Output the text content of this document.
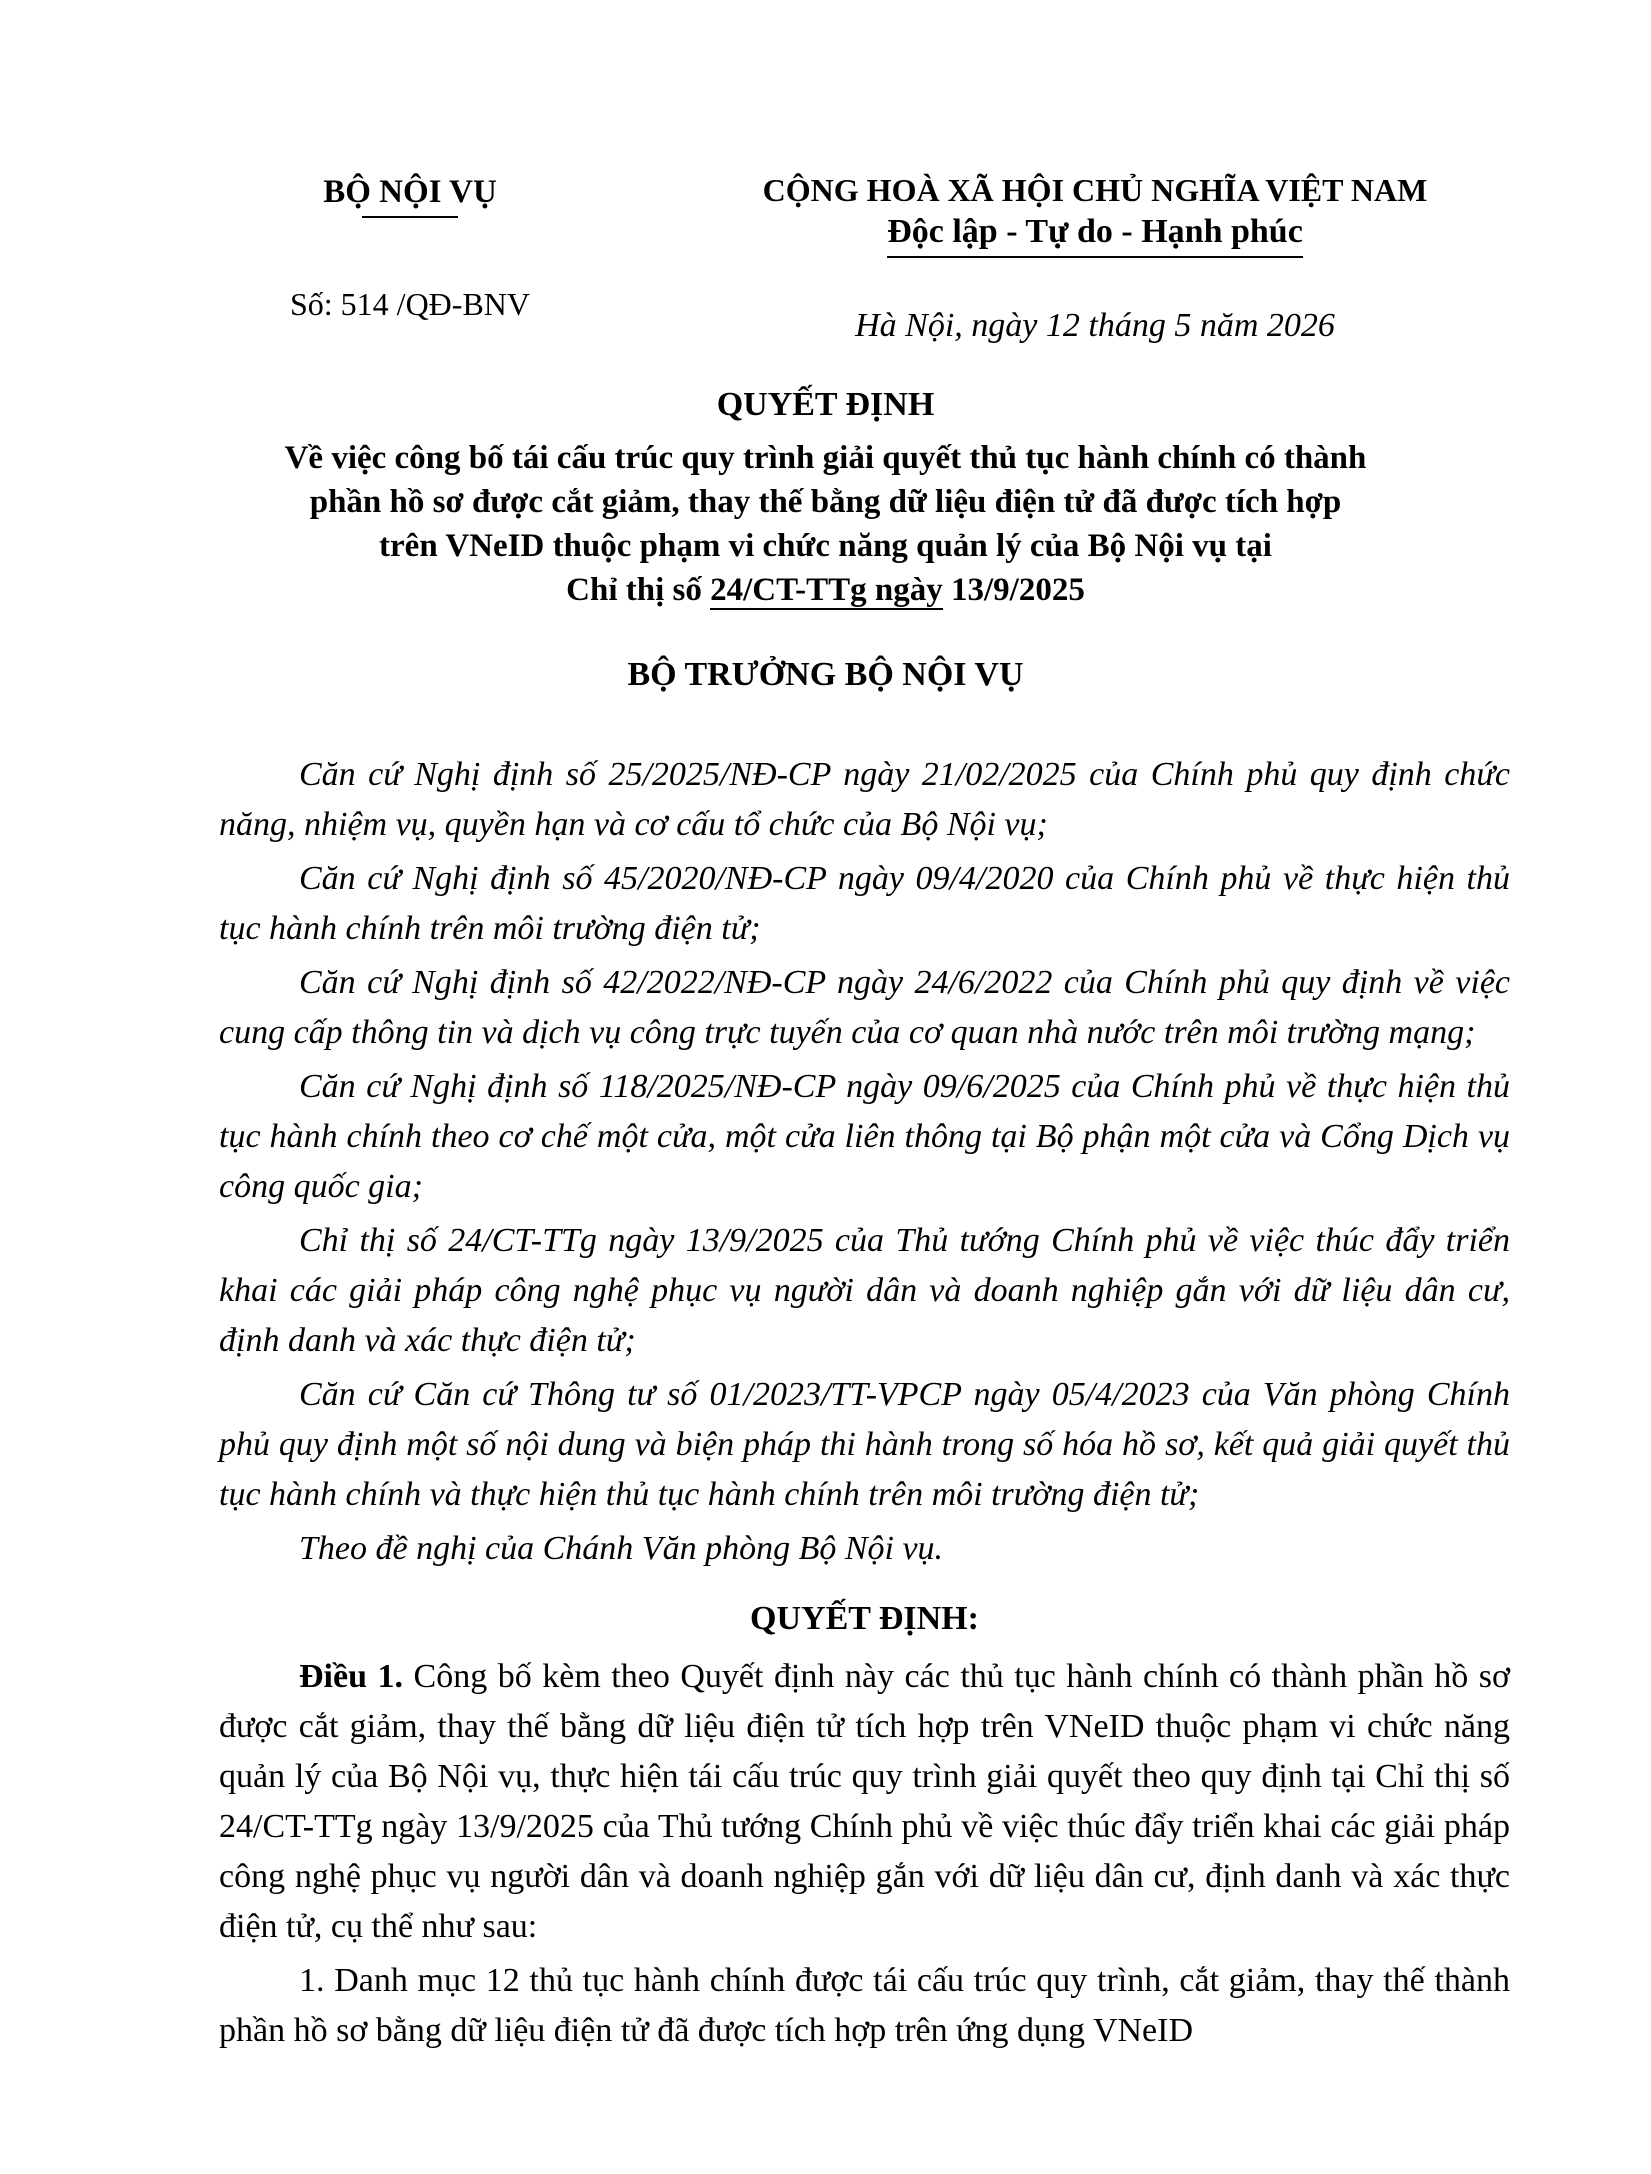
BỘ NỘI VỤ
Số: 514 /QĐ-BNV
CỘNG HOÀ XÃ HỘI CHỦ NGHĨA VIỆT NAM
Độc lập - Tự do - Hạnh phúc
Hà Nội, ngày 12 tháng 5 năm 2026
QUYẾT ĐỊNH
Về việc công bố tái cấu trúc quy trình giải quyết thủ tục hành chính có thành
phần hồ sơ được cắt giảm, thay thế bằng dữ liệu điện tử đã được tích hợp
trên VNeID thuộc phạm vi chức năng quản lý của Bộ Nội vụ tại
Chỉ thị số 24/CT-TTg ngày 13/9/2025
BỘ TRƯỞNG BỘ NỘI VỤ

Căn cứ Nghị định số 25/2025/NĐ-CP ngày 21/02/2025 của Chính phủ quy định chức năng, nhiệm vụ, quyền hạn và cơ cấu tổ chức của Bộ Nội vụ;

Căn cứ Nghị định số 45/2020/NĐ-CP ngày 09/4/2020 của Chính phủ về thực hiện thủ tục hành chính trên môi trường điện tử;

Căn cứ Nghị định số 42/2022/NĐ-CP ngày 24/6/2022 của Chính phủ quy định về việc cung cấp thông tin và dịch vụ công trực tuyến của cơ quan nhà nước trên môi trường mạng;

Căn cứ Nghị định số 118/2025/NĐ-CP ngày 09/6/2025 của Chính phủ về thực hiện thủ tục hành chính theo cơ chế một cửa, một cửa liên thông tại Bộ phận một cửa và Cổng Dịch vụ công quốc gia;

Chỉ thị số 24/CT-TTg ngày 13/9/2025 của Thủ tướng Chính phủ về việc thúc đẩy triển khai các giải pháp công nghệ phục vụ người dân và doanh nghiệp gắn với dữ liệu dân cư, định danh và xác thực điện tử;

Căn cứ Căn cứ Thông tư số 01/2023/TT-VPCP ngày 05/4/2023 của Văn phòng Chính phủ quy định một số nội dung và biện pháp thi hành trong số hóa hồ sơ, kết quả giải quyết thủ tục hành chính và thực hiện thủ tục hành chính trên môi trường điện tử;

Theo đề nghị của Chánh Văn phòng Bộ Nội vụ.

QUYẾT ĐỊNH:

Điều 1. Công bố kèm theo Quyết định này các thủ tục hành chính có thành phần hồ sơ được cắt giảm, thay thế bằng dữ liệu điện tử tích hợp trên VNeID thuộc phạm vi chức năng quản lý của Bộ Nội vụ, thực hiện tái cấu trúc quy trình giải quyết theo quy định tại Chỉ thị số 24/CT-TTg ngày 13/9/2025 của Thủ tướng Chính phủ về việc thúc đẩy triển khai các giải pháp công nghệ phục vụ người dân và doanh nghiệp gắn với dữ liệu dân cư, định danh và xác thực điện tử, cụ thể như sau:

1. Danh mục 12 thủ tục hành chính được tái cấu trúc quy trình, cắt giảm, thay thế thành phần hồ sơ bằng dữ liệu điện tử đã được tích hợp trên ứng dụng VNeID
